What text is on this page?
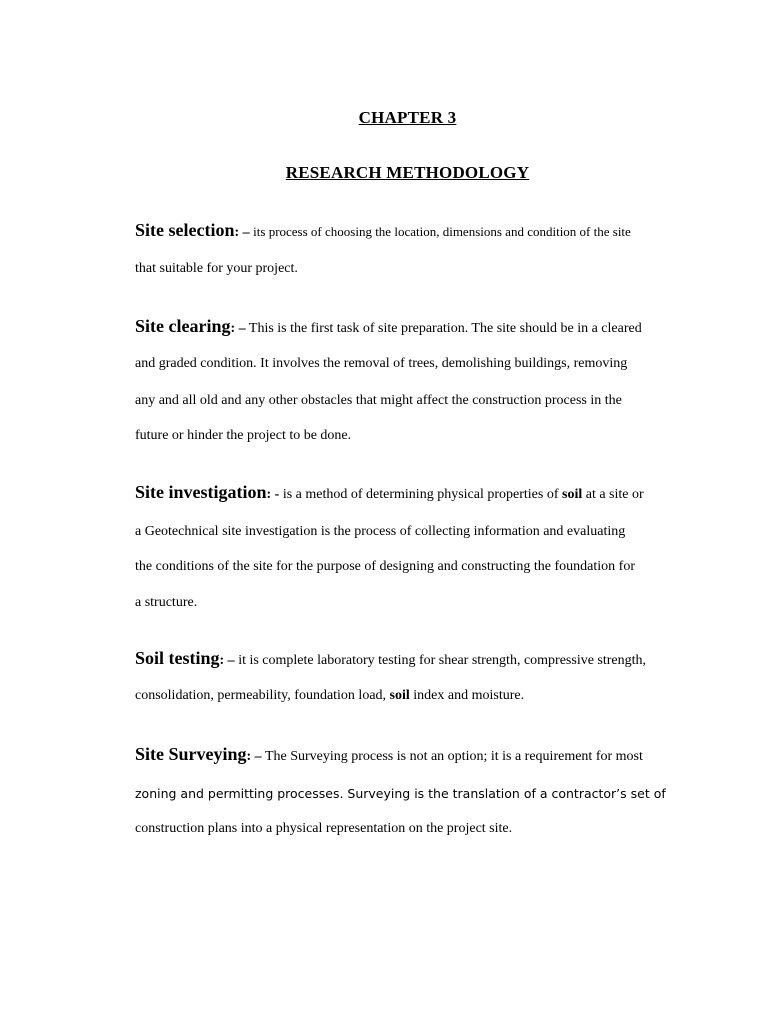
CHAPTER 3
RESEARCH METHODOLOGY
Site selection: – its process of choosing the location, dimensions and condition of the site
that suitable for your project.
Site clearing: – This is the first task of site preparation. The site should be in a cleared
and graded condition. It involves the removal of trees, demolishing buildings, removing
any and all old and any other obstacles that might affect the construction process in the
future or hinder the project to be done.
Site investigation: - is a method of determining physical properties of soil at a site or
a Geotechnical site investigation is the process of collecting information and evaluating
the conditions of the site for the purpose of designing and constructing the foundation for
a structure.
Soil testing: – it is complete laboratory testing for shear strength, compressive strength,
consolidation, permeability, foundation load, soil index and moisture.
Site Surveying: – The Surveying process is not an option; it is a requirement for most
zoning and permitting processes. Surveying is the translation of a contractor’s set of
construction plans into a physical representation on the project site.
